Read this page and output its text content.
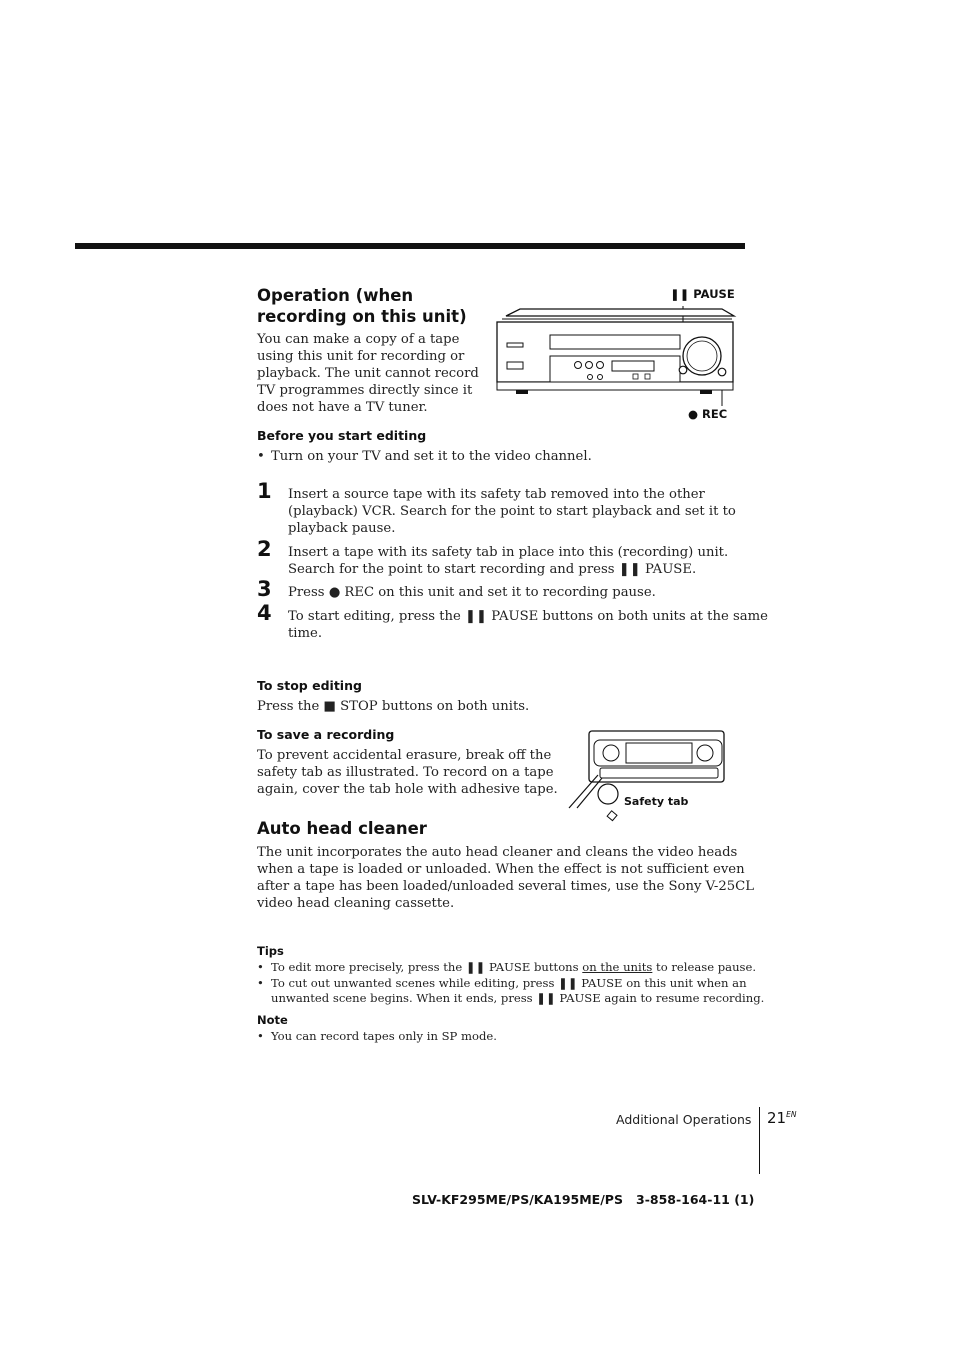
Operation (when
recording on this unit)
You can make a copy of a tape
using this unit for recording or
playback. The unit cannot record
TV programmes directly since it
does not have a TV tuner.
❚❚ PAUSE
● REC
Before you start editing
• Turn on your TV and set it to the video channel.
1 Insert a source tape with its safety tab removed into the other
(playback) VCR. Search for the point to start playback and set it to
playback pause.
2 Insert a tape with its safety tab in place into this (recording) unit.
Search for the point to start recording and press ❚❚ PAUSE.
3 Press ● REC on this unit and set it to recording pause.
4 To start editing, press the ❚❚ PAUSE buttons on both units at the same
time.
To stop editing
Press the ■ STOP buttons on both units.
To save a recording
To prevent accidental erasure, break off the
safety tab as illustrated. To record on a tape
again, cover the tab hole with adhesive tape.
Safety tab
Auto head cleaner
The unit incorporates the auto head cleaner and cleans the video heads
when a tape is loaded or unloaded. When the effect is not sufficient even
after a tape has been loaded/unloaded several times, use the Sony V-25CL
video head cleaning cassette.
Tips
• To edit more precisely, press the ❚❚ PAUSE buttons on the units to release pause.
• To cut out unwanted scenes while editing, press ❚❚ PAUSE on this unit when an
unwanted scene begins. When it ends, press ❚❚ PAUSE again to resume recording.
Note
• You can record tapes only in SP mode.
Additional Operations $21^{EN}$
SLV-KF295ME/PS/KA195ME/PS 3-858-164-11 (1)
